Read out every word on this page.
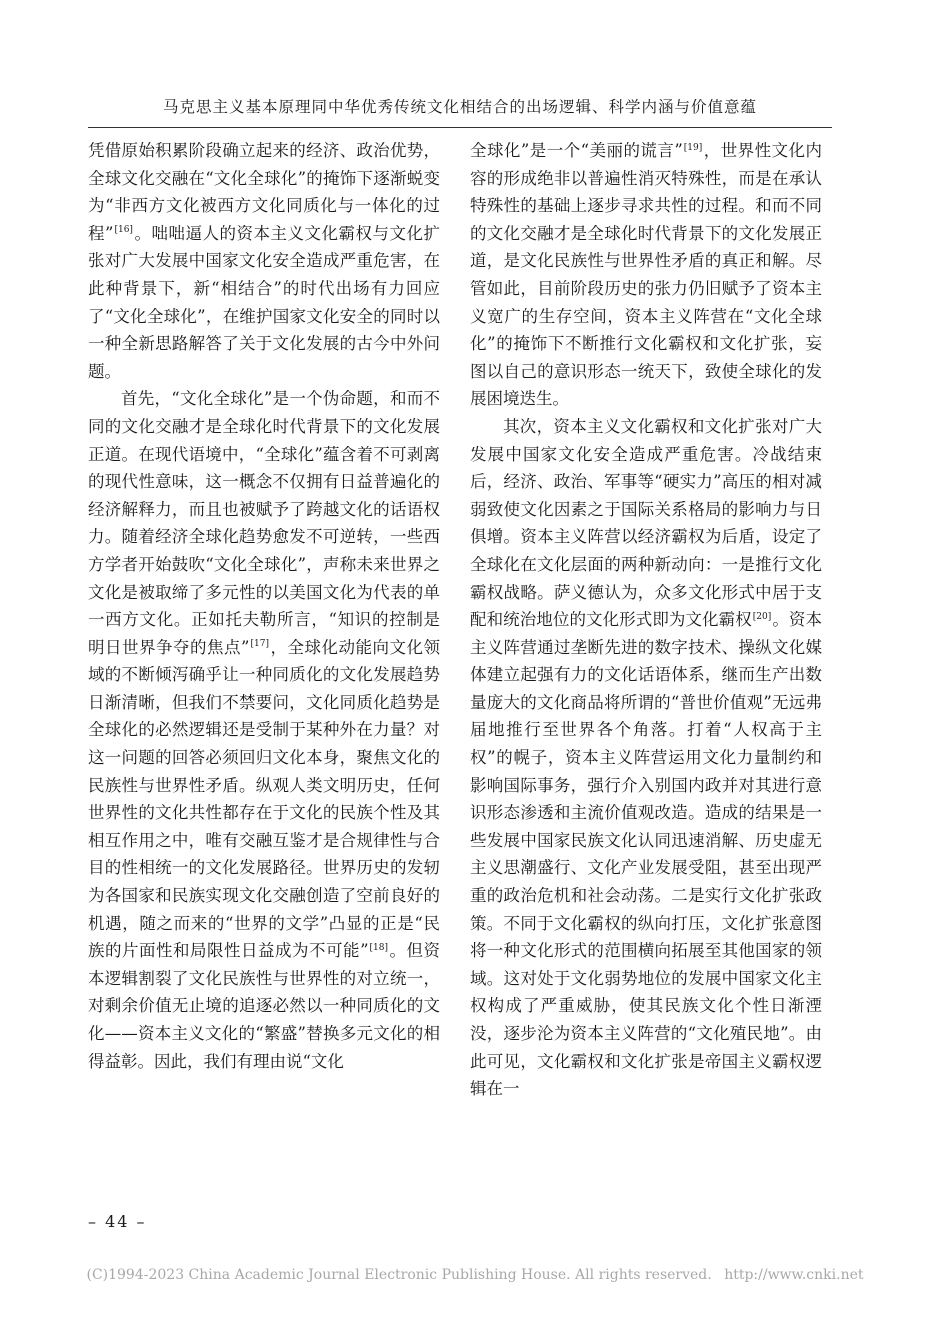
马克思主义基本原理同中华优秀传统文化相结合的出场逻辑、科学内涵与价值意蕴

凭借原始积累阶段确立起来的经济、政治优势，全球文化交融在“文化全球化”的掩饰下逐渐蜕变为“非西方文化被西方文化同质化与一体化的过程”[16]。咄咄逼人的资本主义文化霸权与文化扩张对广大发展中国家文化安全造成严重危害，在此种背景下，新“相结合”的时代出场有力回应了“文化全球化”，在维护国家文化安全的同时以一种全新思路解答了关于文化发展的古今中外问题。

首先，“文化全球化”是一个伪命题，和而不同的文化交融才是全球化时代背景下的文化发展正道。在现代语境中，“全球化”蕴含着不可剥离的现代性意味，这一概念不仅拥有日益普遍化的经济解释力，而且也被赋予了跨越文化的话语权力。随着经济全球化趋势愈发不可逆转，一些西方学者开始鼓吹“文化全球化”，声称未来世界之文化是被取缔了多元性的以美国文化为代表的单一西方文化。正如托夫勒所言，“知识的控制是明日世界争夺的焦点”[17]，全球化动能向文化领域的不断倾泻确乎让一种同质化的文化发展趋势日渐清晰，但我们不禁要问，文化同质化趋势是全球化的必然逻辑还是受制于某种外在力量？对这一问题的回答必须回归文化本身，聚焦文化的民族性与世界性矛盾。纵观人类文明历史，任何世界性的文化共性都存在于文化的民族个性及其相互作用之中，唯有交融互鉴才是合规律性与合目的性相统一的文化发展路径。世界历史的发轫为各国家和民族实现文化交融创造了空前良好的机遇，随之而来的“世界的文学”凸显的正是“民族的片面性和局限性日益成为不可能”[18]。但资本逻辑割裂了文化民族性与世界性的对立统一，对剩余价值无止境的追逐必然以一种同质化的文化——资本主义文化的“繁盛”替换多元文化的相得益彰。因此，我们有理由说“文化

全球化”是一个“美丽的谎言”[19]，世界性文化内容的形成绝非以普遍性消灭特殊性，而是在承认特殊性的基础上逐步寻求共性的过程。和而不同的文化交融才是全球化时代背景下的文化发展正道，是文化民族性与世界性矛盾的真正和解。尽管如此，目前阶段历史的张力仍旧赋予了资本主义宽广的生存空间，资本主义阵营在“文化全球化”的掩饰下不断推行文化霸权和文化扩张，妄图以自己的意识形态一统天下，致使全球化的发展困境迭生。

其次，资本主义文化霸权和文化扩张对广大发展中国家文化安全造成严重危害。冷战结束后，经济、政治、军事等“硬实力”高压的相对减弱致使文化因素之于国际关系格局的影响力与日俱增。资本主义阵营以经济霸权为后盾，设定了全球化在文化层面的两种新动向：一是推行文化霸权战略。萨义德认为，众多文化形式中居于支配和统治地位的文化形式即为文化霸权[20]。资本主义阵营通过垄断先进的数字技术、操纵文化媒体建立起强有力的文化话语体系，继而生产出数量庞大的文化商品将所谓的“普世价值观”无远弗届地推行至世界各个角落。打着“人权高于主权”的幌子，资本主义阵营运用文化力量制约和影响国际事务，强行介入别国内政并对其进行意识形态渗透和主流价值观改造。造成的结果是一些发展中国家民族文化认同迅速消解、历史虚无主义思潮盛行、文化产业发展受阻，甚至出现严重的政治危机和社会动荡。二是实行文化扩张政策。不同于文化霸权的纵向打压，文化扩张意图将一种文化形式的范围横向拓展至其他国家的领域。这对处于文化弱势地位的发展中国家文化主权构成了严重威胁，使其民族文化个性日渐湮没，逐步沦为资本主义阵营的“文化殖民地”。由此可见，文化霸权和文化扩张是帝国主义霸权逻辑在一

– 44 –
(C)1994-2023 China Academic Journal Electronic Publishing House. All rights reserved. http://www.cnki.net
